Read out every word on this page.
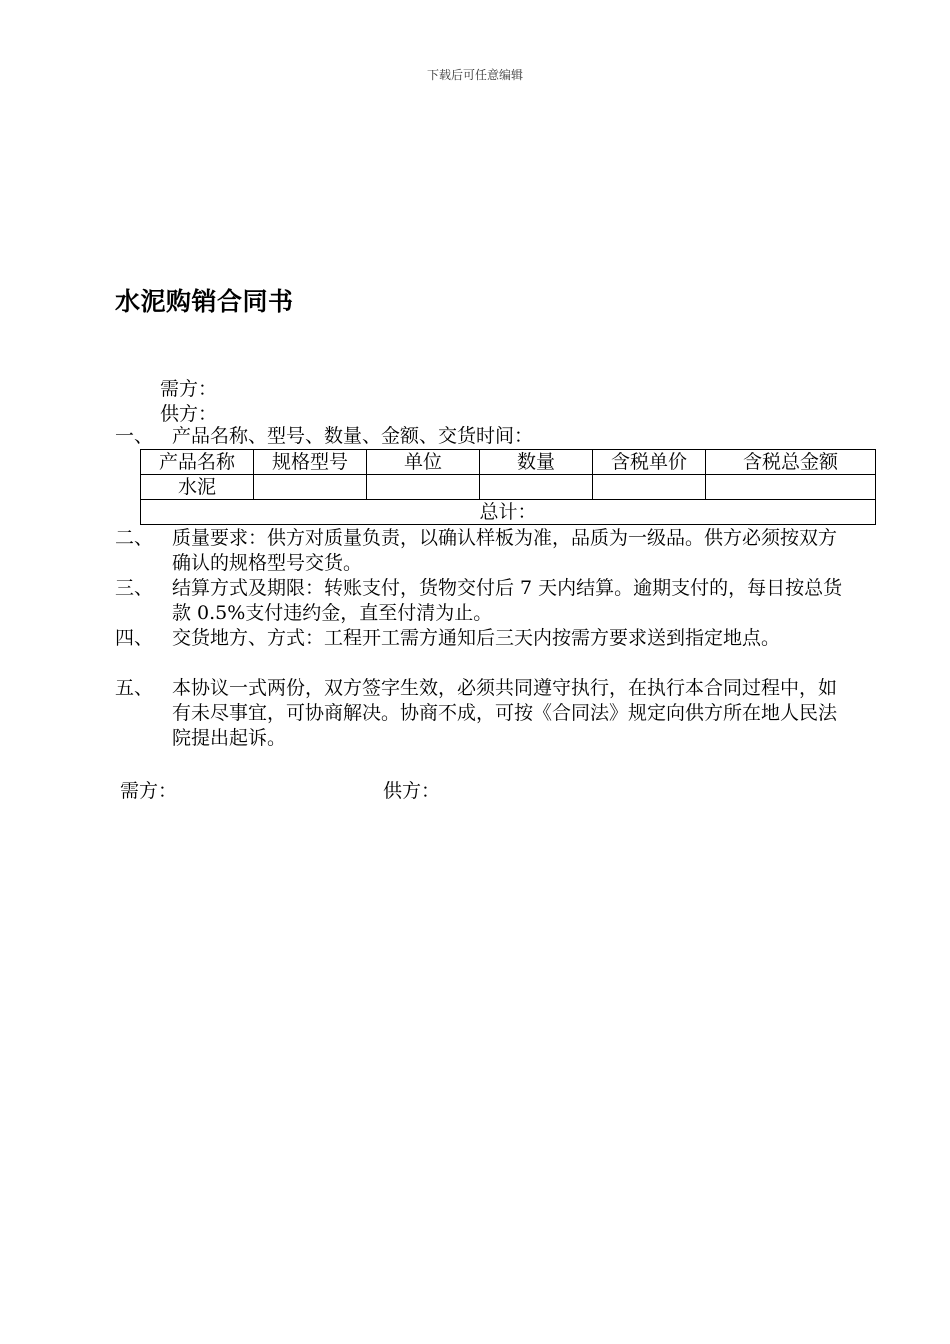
下载后可任意编辑
水泥购销合同书
需方：
供方：
一、 产品名称、型号、数量、金额、交货时间：
产品名称	规格型号	单位	数量	含税单价	含税总金额
水泥					
总计：					
二、 质量要求：供方对质量负责，以确认样板为准，品质为一级品。供方必须按双方确认的规格型号交货。
三、 结算方式及期限：转账支付，货物交付后 7 天内结算。逾期支付的，每日按总货款 0.5%支付违约金，直至付清为止。
四、 交货地方、方式：工程开工需方通知后三天内按需方要求送到指定地点。
五、 本协议一式两份，双方签字生效，必须共同遵守执行，在执行本合同过程中，如有未尽事宜，可协商解决。协商不成，可按《合同法》规定向供方所在地人民法院提出起诉。
需方：	供方：
